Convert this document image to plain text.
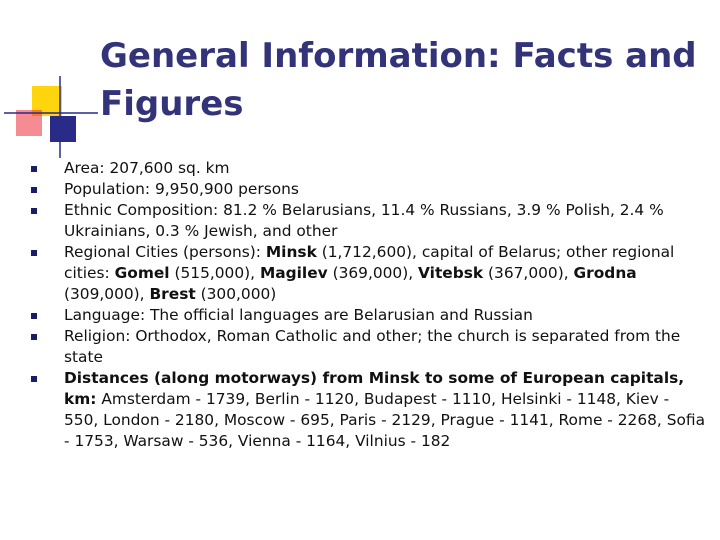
General Information: Facts and Figures
Area: 207,600 sq. km
Population: 9,950,900 persons
Ethnic Composition: 81.2 % Belarusians, 11.4 % Russians, 3.9 % Polish, 2.4 % Ukrainians, 0.3 % Jewish, and other
Regional Cities (persons): Minsk (1,712,600), capital of Belarus; other regional cities: Gomel (515,000), Magilev (369,000), Vitebsk (367,000), Grodna (309,000), Brest (300,000)
Language: The official languages are Belarusian and Russian
Religion: Orthodox, Roman Catholic and other; the church is separated from the state
Distances (along motorways) from Minsk to some of European capitals, km: Amsterdam - 1739, Berlin - 1120, Budapest - 1110, Helsinki - 1148, Kiev - 550, London - 2180, Moscow - 695, Paris - 2129, Prague - 1141, Rome - 2268, Sofia - 1753, Warsaw - 536, Vienna - 1164, Vilnius - 182
